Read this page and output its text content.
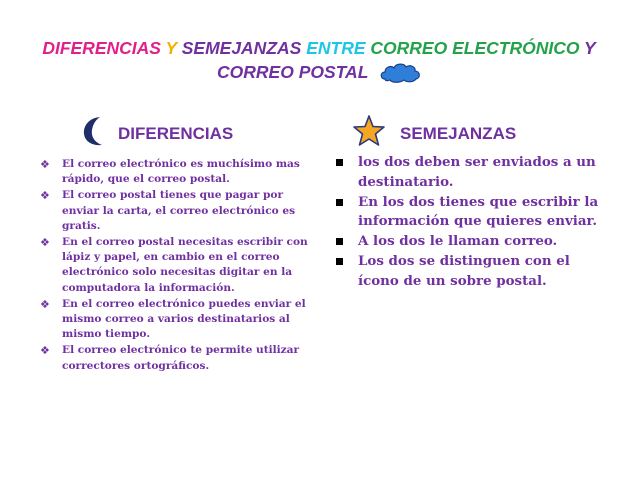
DIFERENCIAS Y SEMEJANZAS ENTRE CORREO ELECTRÓNICO Y
CORREO POSTAL
DIFERENCIAS	SEMEJANZAS
❖ El correo electrónico es muchísimo mas rápido, que el correo postal.
❖ El correo postal tienes que pagar por enviar la carta, el correo electrónico es gratis.
❖ En el correo postal necesitas escribir con lápiz y papel, en cambio en el correo electrónico solo necesitas digitar en la computadora la información.
❖ En el correo electrónico puedes enviar el mismo correo a varios destinatarios al mismo tiempo.
❖ El correo electrónico te permite utilizar correctores ortográficos.
los dos deben ser enviados a un destinatario.
En los dos tienes que escribir la información que quieres enviar.
A los dos le llaman correo.
Los dos se distinguen con el ícono de un sobre postal.
